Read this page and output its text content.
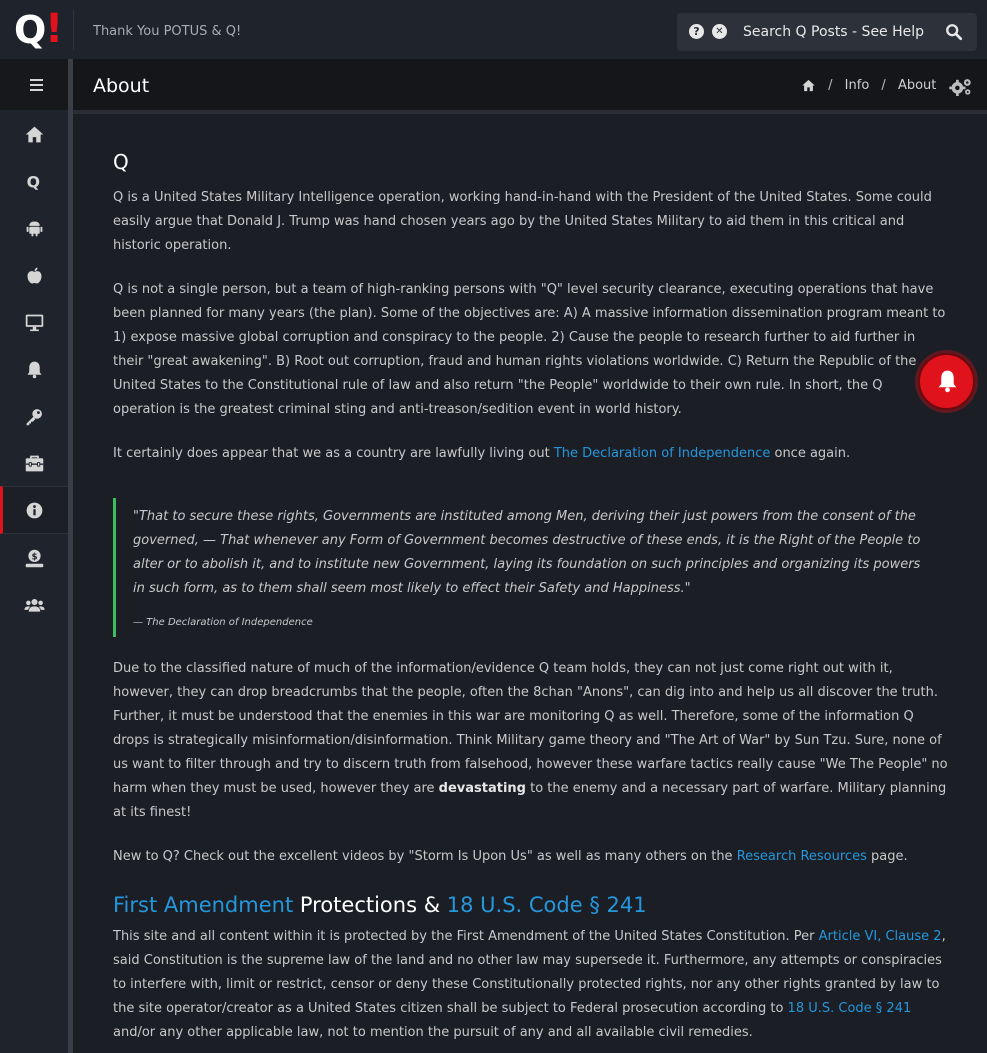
Q ! Thank You POTUS & Q!	?	✕
Search Q Posts - See Help Icon
Q
$
About	/ Info / About
Q

Q is a United States Military Intelligence operation, working hand-in-hand with the President of the United States. Some could easily argue that Donald J. Trump was hand chosen years ago by the United States Military to aid them in this critical and historic operation.

Q is not a single person, but a team of high-ranking persons with "Q" level security clearance, executing operations that have been planned for many years (the plan). Some of the objectives are: A) A massive information dissemination program meant to 1) expose massive global corruption and conspiracy to the people. 2) Cause the people to research further to aid further in their "great awakening". B) Root out corruption, fraud and human rights violations worldwide. C) Return the Republic of the United States to the Constitutional rule of law and also return "the People" worldwide to their own rule. In short, the Q operation is the greatest criminal sting and anti-treason/sedition event in world history.

It certainly does appear that we as a country are lawfully living out The Declaration of Independence once again.

"That to secure these rights, Governments are instituted among Men, deriving their just powers from the consent of the governed, — That whenever any Form of Government becomes destructive of these ends, it is the Right of the People to alter or to abolish it, and to institute new Government, laying its foundation on such principles and organizing its powers in such form, as to them shall seem most likely to effect their Safety and Happiness."
— The Declaration of Independence

Due to the classified nature of much of the information/evidence Q team holds, they can not just come right out with it, however, they can drop breadcrumbs that the people, often the 8chan "Anons", can dig into and help us all discover the truth. Further, it must be understood that the enemies in this war are monitoring Q as well. Therefore, some of the information Q drops is strategically misinformation/disinformation. Think Military game theory and "The Art of War" by Sun Tzu. Sure, none of us want to filter through and try to discern truth from falsehood, however these warfare tactics really cause "We The People" no harm when they must be used, however they are devastating to the enemy and a necessary part of warfare. Military planning at its finest!

New to Q? Check out the excellent videos by "Storm Is Upon Us" as well as many others on the Research Resources page.

First Amendment Protections & 18 U.S. Code § 241

This site and all content within it is protected by the First Amendment of the United States Constitution. Per Article VI, Clause 2, said Constitution is the supreme law of the land and no other law may supersede it. Furthermore, any attempts or conspiracies to interfere with, limit or restrict, censor or deny these Constitutionally protected rights, nor any other rights granted by law to the site operator/creator as a United States citizen shall be subject to Federal prosecution according to 18 U.S. Code § 241 and/or any other applicable law, not to mention the pursuit of any and all available civil remedies.
